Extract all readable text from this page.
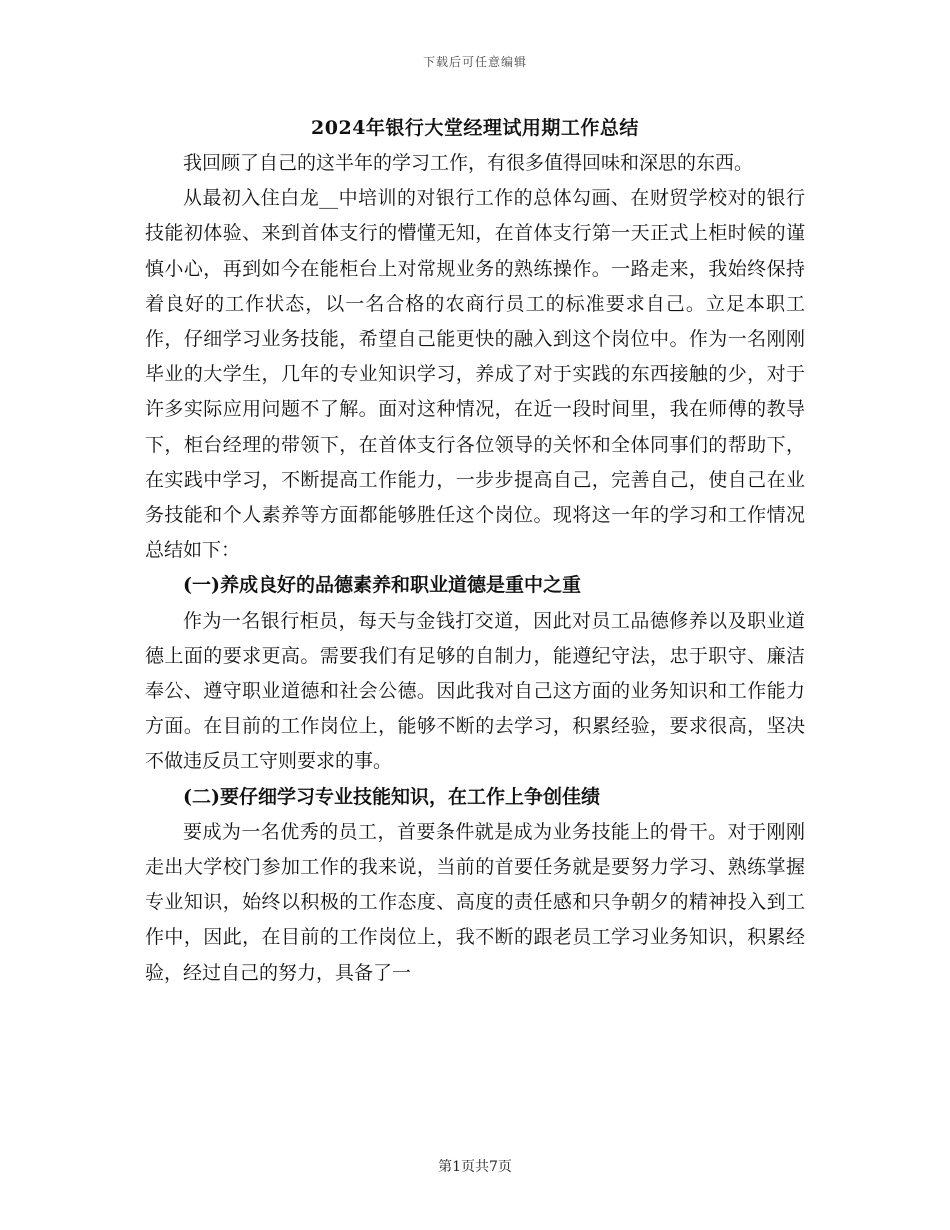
下载后可任意编辑
2024年银行大堂经理试用期工作总结

我回顾了自己的这半年的学习工作，有很多值得回味和深思的东西。

从最初入住白龙__中培训的对银行工作的总体勾画、在财贸学校对的银行技能初体验、来到首体支行的懵懂无知，在首体支行第一天正式上柜时候的谨慎小心，再到如今在能柜台上对常规业务的熟练操作。一路走来，我始终保持着良好的工作状态，以一名合格的农商行员工的标准要求自己。立足本职工作，仔细学习业务技能，希望自己能更快的融入到这个岗位中。作为一名刚刚毕业的大学生，几年的专业知识学习，养成了对于实践的东西接触的少，对于许多实际应用问题不了解。面对这种情况，在近一段时间里，我在师傅的教导下，柜台经理的带领下，在首体支行各位领导的关怀和全体同事们的帮助下，在实践中学习，不断提高工作能力，一步步提高自己，完善自己，使自己在业务技能和个人素养等方面都能够胜任这个岗位。现将这一年的学习和工作情况总结如下：

(一)养成良好的品德素养和职业道德是重中之重

作为一名银行柜员，每天与金钱打交道，因此对员工品德修养以及职业道德上面的要求更高。需要我们有足够的自制力，能遵纪守法，忠于职守、廉洁奉公、遵守职业道德和社会公德。因此我对自己这方面的业务知识和工作能力方面。在目前的工作岗位上，能够不断的去学习，积累经验，要求很高，坚决不做违反员工守则要求的事。

(二)要仔细学习专业技能知识，在工作上争创佳绩

要成为一名优秀的员工，首要条件就是成为业务技能上的骨干。对于刚刚走出大学校门参加工作的我来说，当前的首要任务就是要努力学习、熟练掌握专业知识，始终以积极的工作态度、高度的责任感和只争朝夕的精神投入到工作中，因此，在目前的工作岗位上，我不断的跟老员工学习业务知识，积累经验，经过自己的努力，具备了一

第1页共7页
